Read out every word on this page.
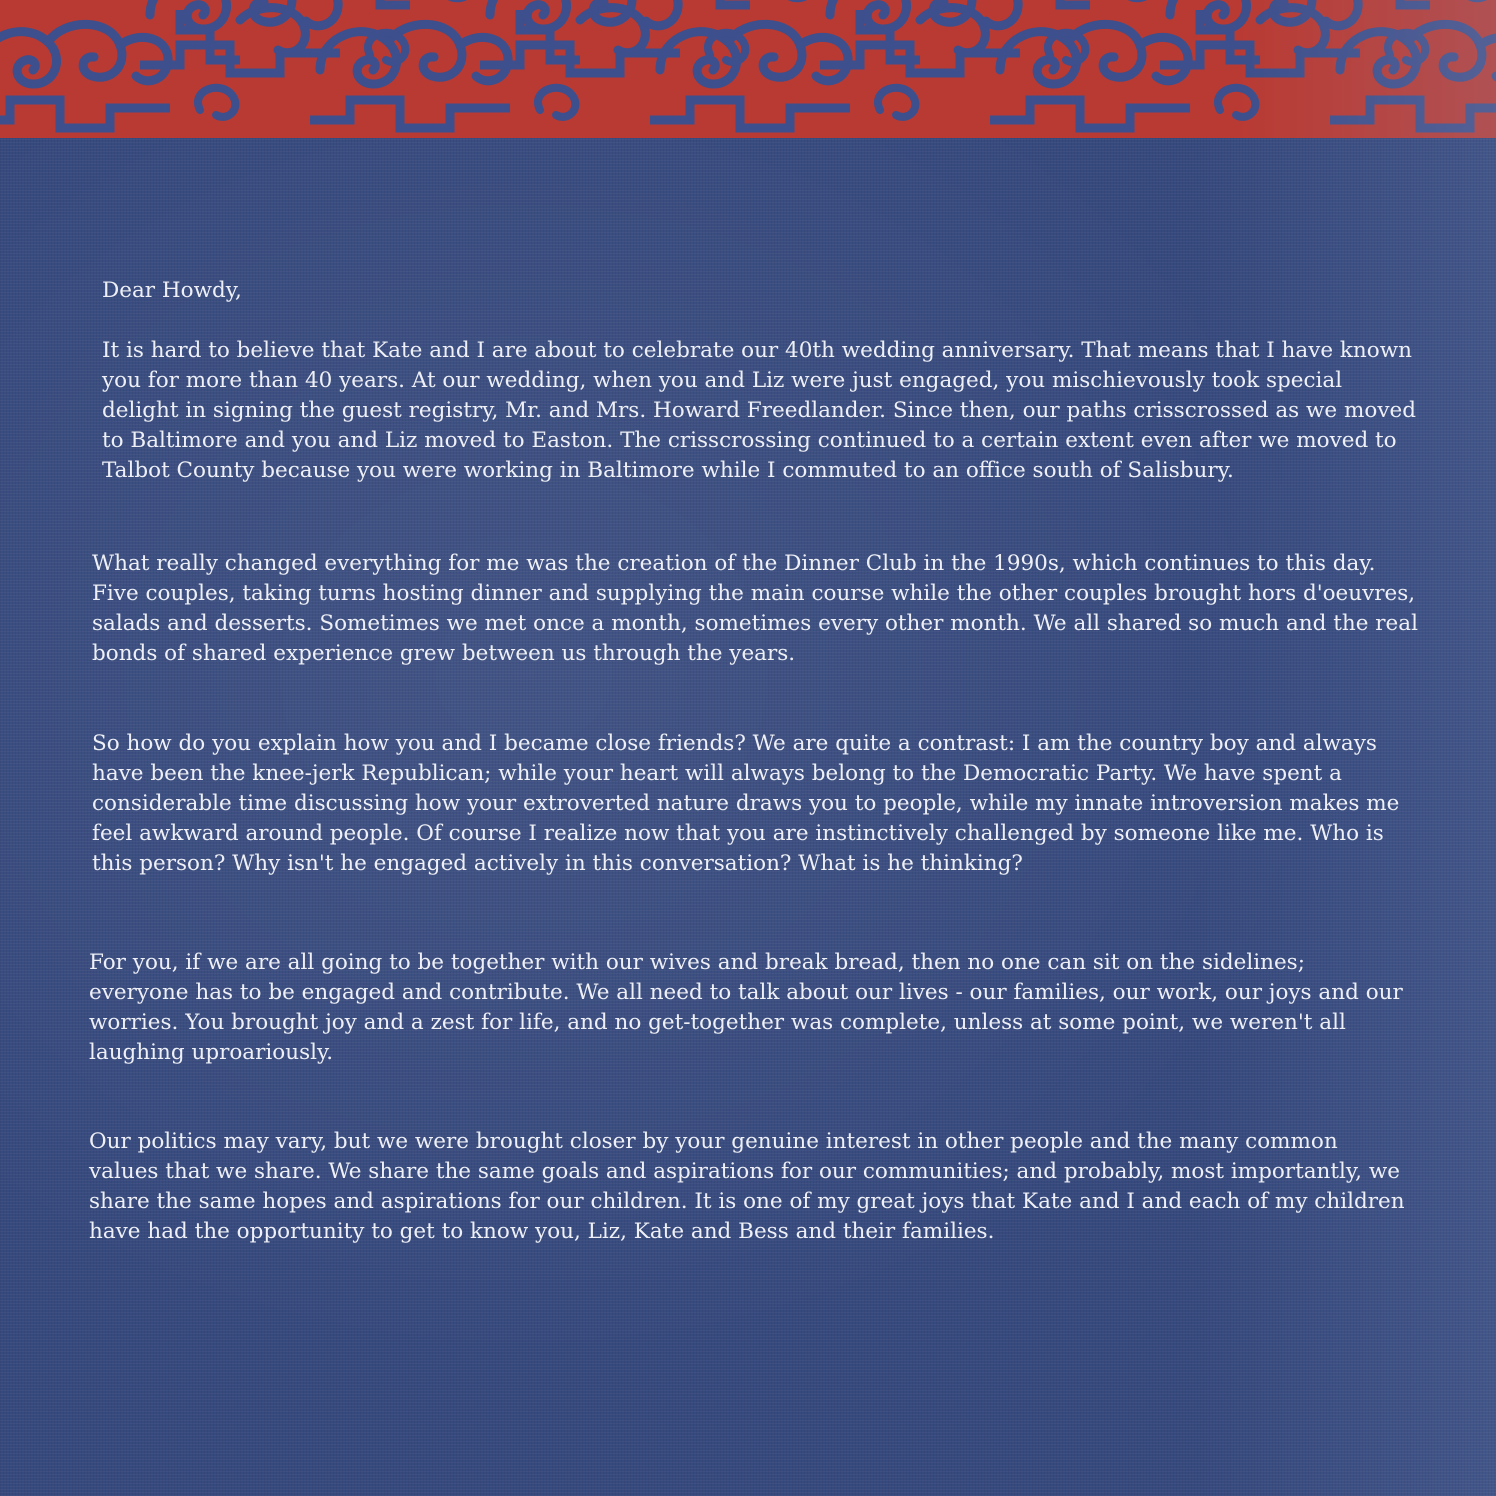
Dear Howdy,

It is hard to believe that Kate and I are about to celebrate our 40th wedding anniversary. That means that I have known you for more than 40 years. At our wedding, when you and Liz were just engaged, you mischievously took special delight in signing the guest registry, Mr. and Mrs. Howard Freedlander. Since then, our paths crisscrossed as we moved to Baltimore and you and Liz moved to Easton. The crisscrossing continued to a certain extent even after we moved to Talbot County because you were working in Baltimore while I commuted to an office south of Salisbury.

What really changed everything for me was the creation of the Dinner Club in the 1990s, which continues to this day. Five couples, taking turns hosting dinner and supplying the main course while the other couples brought hors d'oeuvres, salads and desserts. Sometimes we met once a month, sometimes every other month. We all shared so much and the real bonds of shared experience grew between us through the years.

So how do you explain how you and I became close friends? We are quite a contrast: I am the country boy and always have been the knee-jerk Republican; while your heart will always belong to the Democratic Party. We have spent a considerable time discussing how your extroverted nature draws you to people, while my innate introversion makes me feel awkward around people. Of course I realize now that you are instinctively challenged by someone like me. Who is this person? Why isn't he engaged actively in this conversation? What is he thinking?

For you, if we are all going to be together with our wives and break bread, then no one can sit on the sidelines; everyone has to be engaged and contribute. We all need to talk about our lives - our families, our work, our joys and our worries. You brought joy and a zest for life, and no get-together was complete, unless at some point, we weren't all laughing uproariously.

Our politics may vary, but we were brought closer by your genuine interest in other people and the many common values that we share. We share the same goals and aspirations for our communities; and probably, most importantly, we share the same hopes and aspirations for our children. It is one of my great joys that Kate and I and each of my children have had the opportunity to get to know you, Liz, Kate and Bess and their families.
